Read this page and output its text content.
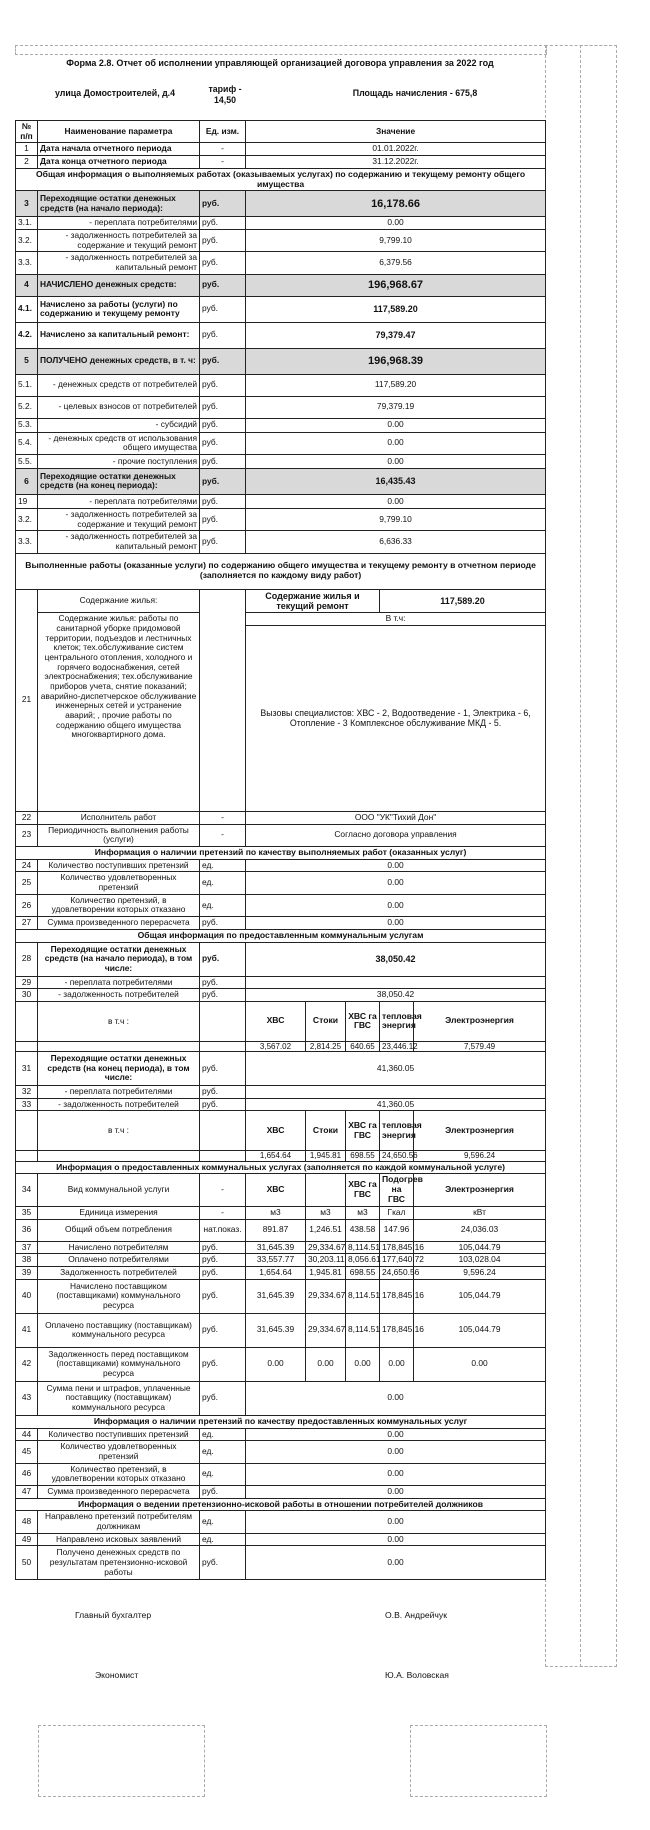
Форма 2.8. Отчет об исполнении управляющей организацией договора управления за 2022 год
улица Домостроителей, д.4	тариф -
14,50
Площадь начисления - 675,8
№ п/п	Наименование параметра	Ед. изм.	Значение				
1	Дата начала отчетного периода	-	01.01.2022г.				
2	Дата конца отчетного периода	-	31.12.2022г.				
Общая информация о выполняемых работах (оказываемых услугах) по содержанию и текущему ремонту общего имущества							
3	Переходящие остатки денежных средств (на начало периода):	руб.	16,178.66				
3.1.	- переплата потребителями	руб.	0.00				
3.2.	- задолженность потребителей за содержание и текущий ремонт	руб.	9,799.10				
3.3.	- задолженность потребителей за капитальный ремонт	руб.	6,379.56				
4	НАЧИСЛЕНО денежных средств:	руб.	196,968.67				
4.1.	Начислено за работы (услуги) по содержанию и текущему ремонту	руб.	117,589.20				
4.2.	Начислено за капитальный ремонт:	руб.	79,379.47				
5	ПОЛУЧЕНО денежных средств, в т. ч:	руб.	196,968.39				
5.1.	- денежных средств от потребителей	руб.	117,589.20				
5.2.	- целевых взносов от потребителей	руб.	79,379.19				
5.3.	- субсидий	руб.	0.00				
5.4.	- денежных средств от использования общего имущества	руб.	0.00				
5.5.	- прочие поступления	руб.	0.00				
6	Переходящие остатки денежных средств (на конец периода):	руб.	16,435.43				
19	- переплата потребителями	руб.	0.00				
3.2.	- задолженность потребителей за содержание и текущий ремонт	руб.	9,799.10				
3.3.	- задолженность потребителей за капитальный ремонт	руб.	6,636.33				
Выполненные работы (оказанные услуги) по содержанию общего имущества и текущему ремонту в отчетном периоде (заполняется по каждому виду работ)							
21	Содержание жилья:		Содержание жилья и текущий ремонт			117,589.20	
	Содержание жилья: работы по санитарной уборке придомовой территории, подъездов и лестничных клеток; тех.обслуживание систем центрального отопления, холодного и горячего водоснабжения, сетей электроснабжения; тех.обслуживание приборов учета, снятие показаний; аварийно-диспетчерское обслуживание инженерных сетей и устранение аварий; , прочие работы по содержанию общего имущества многоквартирного дома.		В т.ч:				
			Вызовы специалистов: ХВС - 2, Водоотведение - 1, Электрика - 6, Отопление - 3 Комплексное обслуживание МКД - 5.				
22	Исполнитель работ	-	ООО "УК"Тихий Дон"				
23	Периодичность выполнения работы (услуги)	-	Согласно договора управления				
Информация о наличии претензий по качеству выполняемых работ (оказанных услуг)							
24	Количество поступивших претензий	ед.	0.00				
25	Количество удовлетворенных претензий	ед.	0.00				
26	Количество претензий, в удовлетворении которых отказано	ед.	0.00				
27	Сумма произведенного перерасчета	руб.	0.00				
Общая информация по предоставленным коммунальным услугам							
28	Переходящие остатки денежных средств (на начало периода), в том числе:	руб.	38,050.42				
29	- переплата потребителями	руб.					
30	- задолженность потребителей	руб.	38,050.42				
	в т.ч :		ХВС	Стоки	ХВС га ГВС	тепловая энергия	Электроэнергия
			3,567.02	2,814.25	640.65	23,446.12	7,579.49
31	Переходящие остатки денежных средств (на конец периода), в том числе:	руб.	41,360.05				
32	- переплата потребителями	руб.					
33	- задолженность потребителей	руб.	41,360.05				
	в т.ч :		ХВС	Стоки	ХВС га ГВС	тепловая энергия	Электроэнергия
			1,654.64	1,945.81	698.55	24,650.56	9,596.24
Информация о предоставленных коммунальных услугах (заполняется по каждой коммунальной услуге)							
34	Вид коммунальной услуги	-	ХВС		ХВС га ГВС	Подогрев на ГВС	Электроэнергия
35	Единица измерения	-	м3	м3	м3	Гкал	кВт
36	Общий объем потребления	нат.показ.	891.87	1,246.51	438.58	147.96	24,036.03
37	Начислено потребителям	руб.	31,645.39	29,334.67	8,114.51	178,845.16	105,044.79
38	Оплачено потребителями	руб.	33,557.77	30,203.11	8,056.61	177,640.72	103,028.04
39	Задолженность потребителей	руб.	1,654.64	1,945.81	698.55	24,650.56	9,596.24
40	Начислено поставщиком (поставщиками) коммунального ресурса	руб.	31,645.39	29,334.67	8,114.51	178,845.16	105,044.79
41	Оплачено поставщику (поставщикам) коммунального ресурса	руб.	31,645.39	29,334.67	8,114.51	178,845.16	105,044.79
42	Задолженность перед поставщиком (поставщиками) коммунального ресурса	руб.	0.00	0.00	0.00	0.00	0.00
43	Сумма пени и штрафов, уплаченные поставщику (поставщикам) коммунального ресурса	руб.	0.00				
Информация о наличии претензий по качеству предоставленных коммунальных услуг							
44	Количество поступивших претензий	ед.	0.00				
45	Количество удовлетворенных претензий	ед.	0.00				
46	Количество претензий, в удовлетворении которых отказано	ед.	0.00				
47	Сумма произведенного перерасчета	руб.	0.00				
Информация о ведении претензионно-исковой работы в отношении потребителей должников							
48	Направлено претензий потребителям должникам	ед.	0.00				
49	Направлено исковых заявлений	ед.	0.00				
50	Получено денежных средств по результатам претензионно-исковой работы	руб.	0.00				
Главный бухгалтер	О.В. Андрейчук
Экономист	Ю.А. Воловская
